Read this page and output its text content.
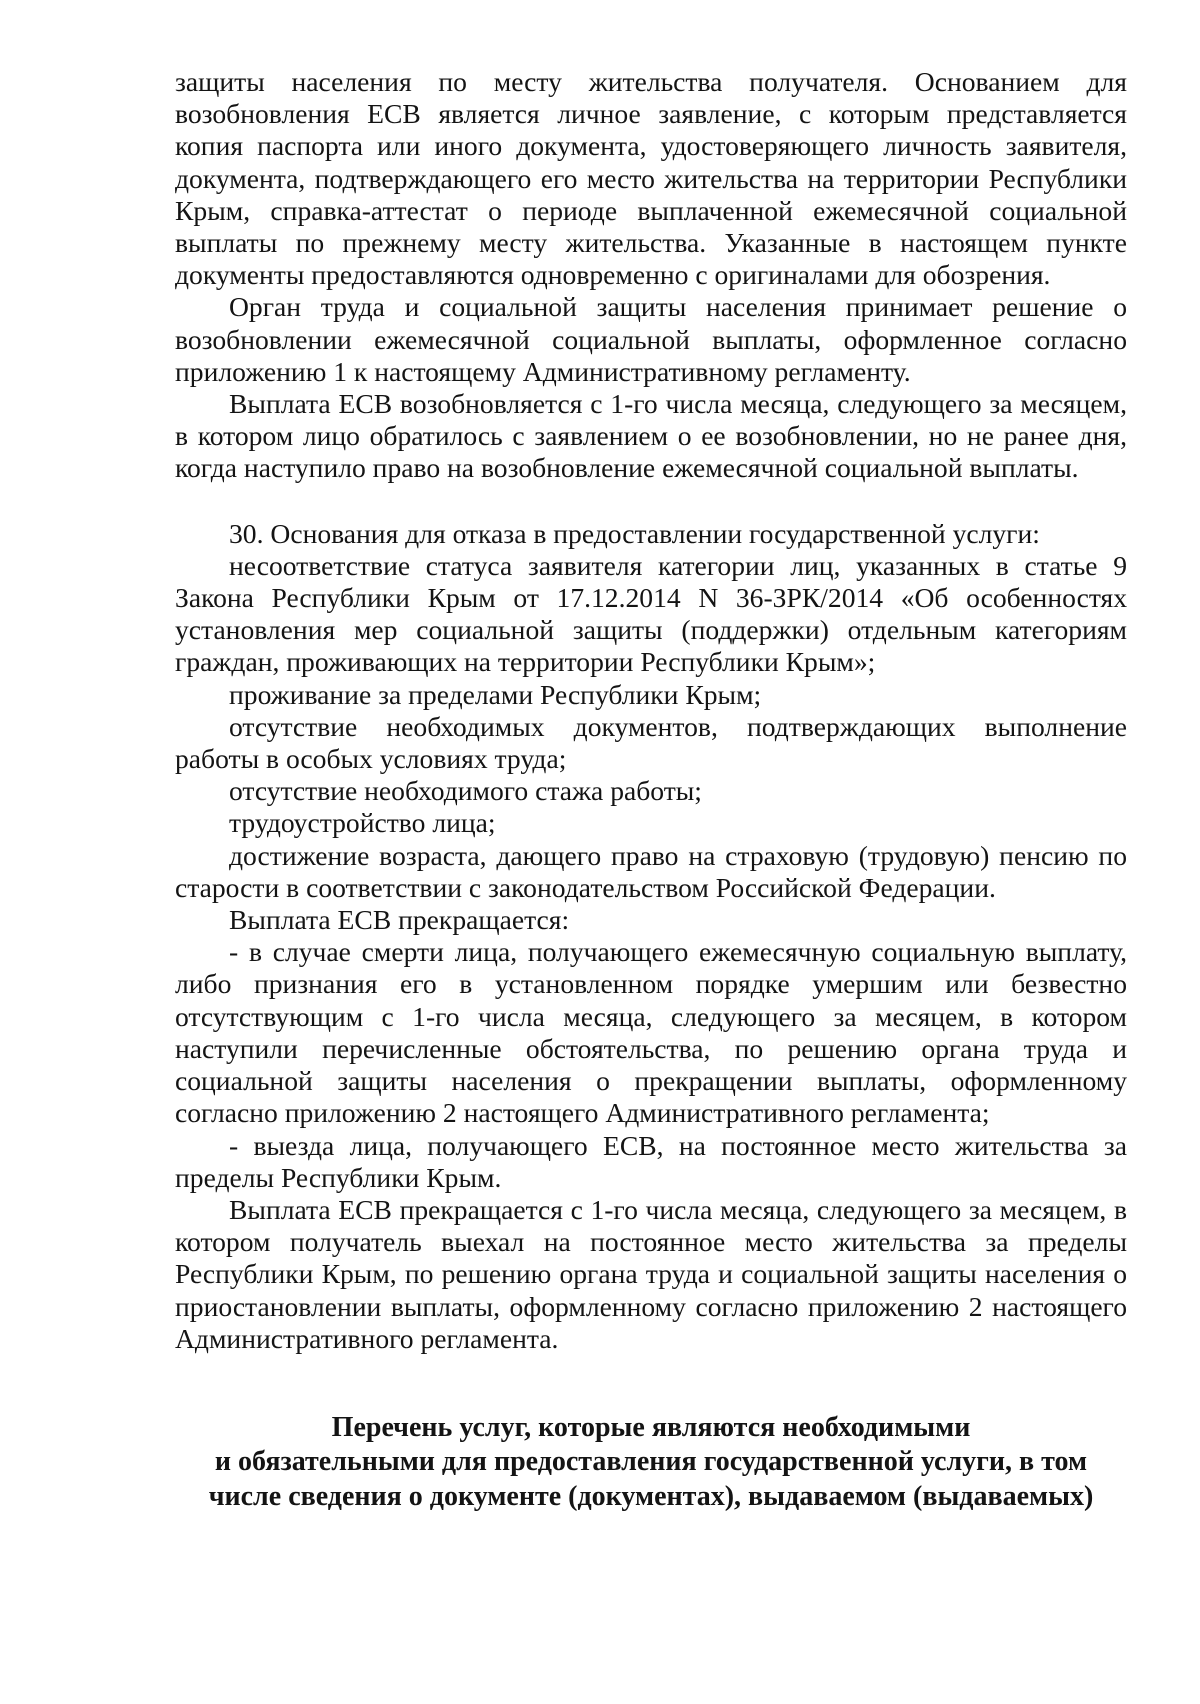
защиты населения по месту жительства получателя. Основанием для возобновления ЕСВ является личное заявление, с которым представляется копия паспорта или иного документа, удостоверяющего личность заявителя, документа, подтверждающего его место жительства на территории Республики Крым, справка-аттестат о периоде выплаченной ежемесячной социальной выплаты по прежнему месту жительства. Указанные в настоящем пункте документы предоставляются одновременно с оригиналами для обозрения.

Орган труда и социальной защиты населения принимает решение о возобновлении ежемесячной социальной выплаты, оформленное согласно приложению 1 к настоящему Административному регламенту.

Выплата ЕСВ возобновляется с 1-го числа месяца, следующего за месяцем, в котором лицо обратилось с заявлением о ее возобновлении, но не ранее дня, когда наступило право на возобновление ежемесячной социальной выплаты.

30. Основания для отказа в предоставлении государственной услуги:

несоответствие статуса заявителя категории лиц, указанных в статье 9 Закона Республики Крым от 17.12.2014 N 36-ЗРК/2014 «Об особенностях установления мер социальной защиты (поддержки) отдельным категориям граждан, проживающих на территории Республики Крым»;

проживание за пределами Республики Крым;

отсутствие необходимых документов, подтверждающих выполнение работы в особых условиях труда;

отсутствие необходимого стажа работы;

трудоустройство лица;

достижение возраста, дающего право на страховую (трудовую) пенсию по старости в соответствии с законодательством Российской Федерации.

Выплата ЕСВ прекращается:

- в случае смерти лица, получающего ежемесячную социальную выплату, либо признания его в установленном порядке умершим или безвестно отсутствующим с 1-го числа месяца, следующего за месяцем, в котором наступили перечисленные обстоятельства, по решению органа труда и социальной защиты населения о прекращении выплаты, оформленному согласно приложению 2 настоящего Административного регламента;

- выезда лица, получающего ЕСВ, на постоянное место жительства за пределы Республики Крым.

Выплата ЕСВ прекращается с 1-го числа месяца, следующего за месяцем, в котором получатель выехал на постоянное место жительства за пределы Республики Крым, по решению органа труда и социальной защиты населения о приостановлении выплаты, оформленному согласно приложению 2 настоящего Административного регламента.

Перечень услуг, которые являются необходимыми
и обязательными для предоставления государственной услуги, в том
числе сведения о документе (документах), выдаваемом (выдаваемых)
